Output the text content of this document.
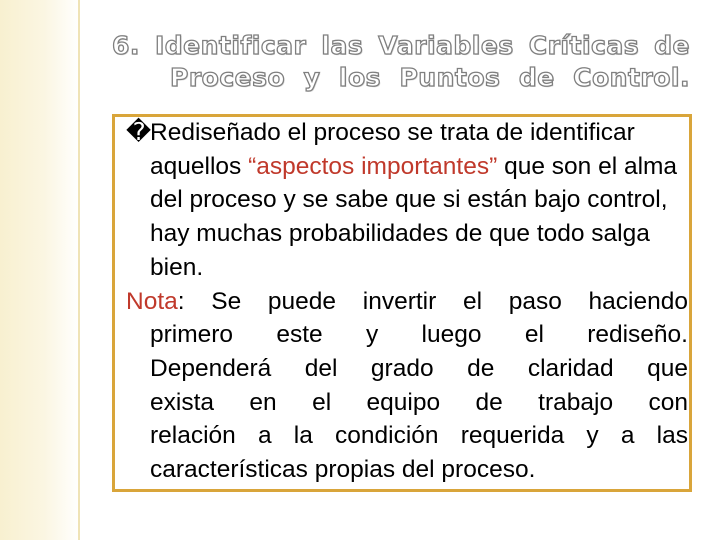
6. Identificar las Variables Críticas de
Proceso y los Puntos de Control.

�Rediseñado el proceso se trata de identificar aquellos “aspectos importantes” que son el alma del proceso y se sabe que si están bajo control, hay muchas probabilidades de que todo salga bien.

Nota: Se puede invertir el paso haciendo
primero este y luego el rediseño.
Dependerá del grado de claridad que
exista en el equipo de trabajo con
relación a la condición requerida y a las
características propias del proceso.
